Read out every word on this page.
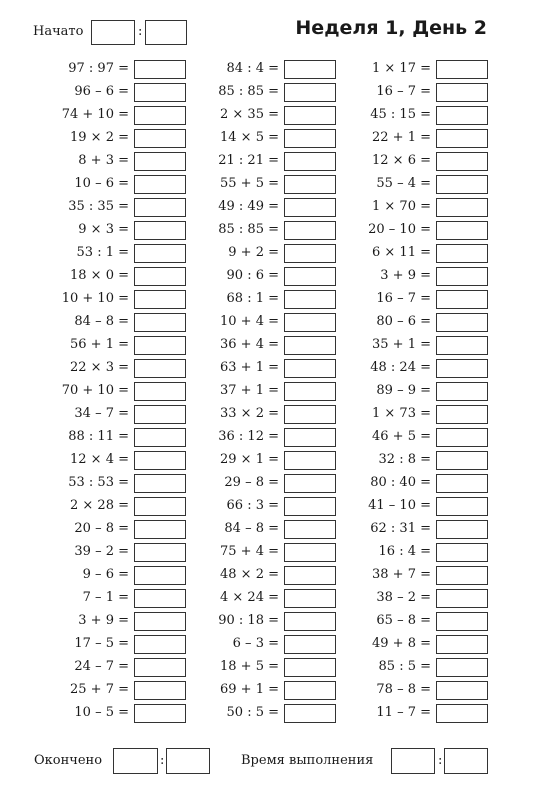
Начато	:	Неделя 1, День 2
97 : 97 =
96 – 6 =
74 + 10 =
19 × 2 =
8 + 3 =
10 – 6 =
35 : 35 =
9 × 3 =
53 : 1 =
18 × 0 =
10 + 10 =
84 – 8 =
56 + 1 =
22 × 3 =
70 + 10 =
34 – 7 =
88 : 11 =
12 × 4 =
53 : 53 =
2 × 28 =
20 – 8 =
39 – 2 =
9 – 6 =
7 – 1 =
3 + 9 =
17 – 5 =
24 – 7 =
25 + 7 =
10 – 5 =
84 : 4 =
85 : 85 =
2 × 35 =
14 × 5 =
21 : 21 =
55 + 5 =
49 : 49 =
85 : 85 =
9 + 2 =
90 : 6 =
68 : 1 =
10 + 4 =
36 + 4 =
63 + 1 =
37 + 1 =
33 × 2 =
36 : 12 =
29 × 1 =
29 – 8 =
66 : 3 =
84 – 8 =
75 + 4 =
48 × 2 =
4 × 24 =
90 : 18 =
6 – 3 =
18 + 5 =
69 + 1 =
50 : 5 =
1 × 17 =
16 – 7 =
45 : 15 =
22 + 1 =
12 × 6 =
55 – 4 =
1 × 70 =
20 – 10 =
6 × 11 =
3 + 9 =
16 – 7 =
80 – 6 =
35 + 1 =
48 : 24 =
89 – 9 =
1 × 73 =
46 + 5 =
32 : 8 =
80 : 40 =
41 – 10 =
62 : 31 =
16 : 4 =
38 + 7 =
38 – 2 =
65 – 8 =
49 + 8 =
85 : 5 =
78 – 8 =
11 – 7 =
Окончено	:	Время выполнения	:
